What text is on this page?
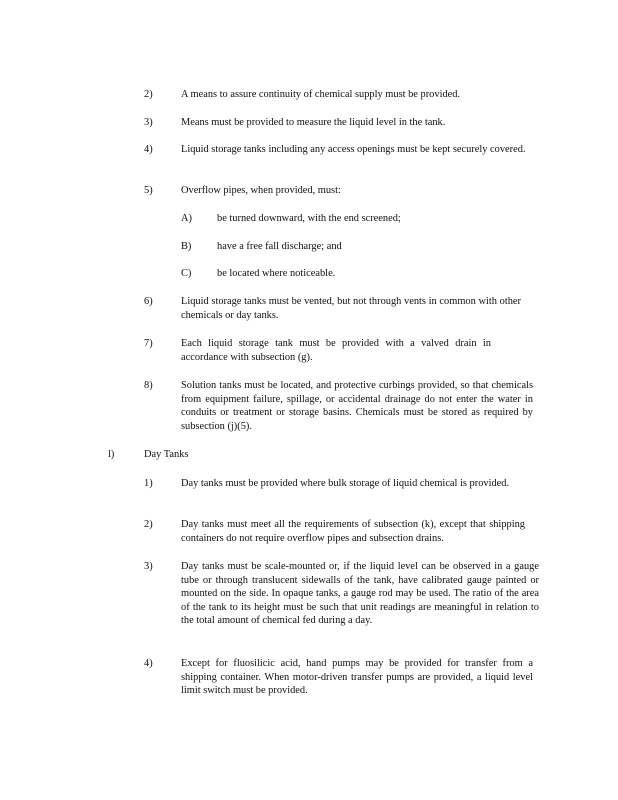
2)	A means to assure continuity of chemical supply must be provided.
3)	Means must be provided to measure the liquid level in the tank.
4)	Liquid storage tanks including any access openings must be kept securely covered.
5)	Overflow pipes, when provided, must:
A) be turned downward, with the end screened;
B) have a free fall discharge; and
C) be located where noticeable.
6)	Liquid storage tanks must be vented, but not through vents in common with other chemicals or day tanks.
7)	Each liquid storage tank must be provided with a valved drain in accordance with subsection (g).
8)	Solution tanks must be located, and protective curbings provided, so that chemicals from equipment failure, spillage, or accidental drainage do not enter the water in conduits or treatment or storage basins. Chemicals must be stored as required by subsection (j)(5).
l)	Day Tanks
1)	Day tanks must be provided where bulk storage of liquid chemical is provided.
2)	Day tanks must meet all the requirements of subsection (k), except that shipping containers do not require overflow pipes and subsection drains.
3)	Day tanks must be scale-mounted or, if the liquid level can be observed in a gauge tube or through translucent sidewalls of the tank, have calibrated gauge painted or mounted on the side. In opaque tanks, a gauge rod may be used. The ratio of the area of the tank to its height must be such that unit readings are meaningful in relation to the total amount of chemical fed during a day.
4)	Except for fluosilicic acid, hand pumps may be provided for transfer from a shipping container. When motor-driven transfer pumps are provided, a liquid level limit switch must be provided.
